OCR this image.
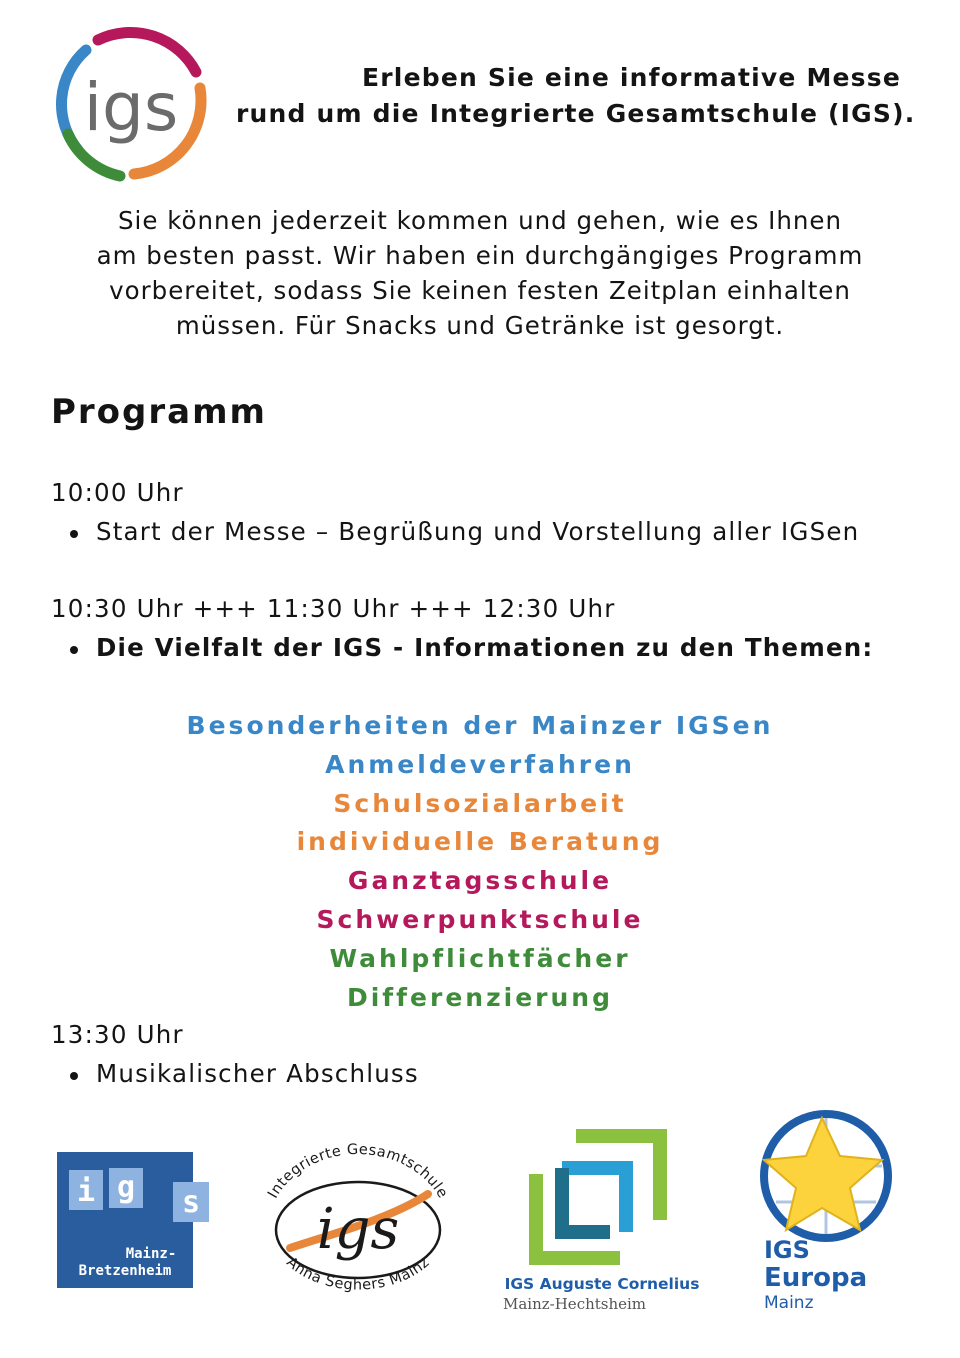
igs	Erleben Sie eine informative Messe
rund um die Integrierte Gesamtschule (IGS).
Sie können jederzeit kommen und gehen, wie es Ihnen
am besten passt. Wir haben ein durchgängiges Programm
vorbereitet, sodass Sie keinen festen Zeitplan einhalten
müssen. Für Snacks und Getränke ist gesorgt.
Programm
10:00 Uhr
Start der Messe – Begrüßung und Vorstellung aller IGSen
10:30 Uhr +++ 11:30 Uhr +++ 12:30 Uhr
Die Vielfalt der IGS - Informationen zu den Themen:
Besonderheiten der Mainzer IGSen
Anmeldeverfahren
Schulsozialarbeit
individuelle Beratung
Ganztagsschule
Schwerpunktschule
Wahlpflichtfächer
Differenzierung
13:30 Uhr
Musikalischer Abschluss
i g s
Mainz-
Bretzenheim
Integrierte Gesamtschule
igs
Anna Seghers Mainz
IGS Auguste Cornelius
Mainz-Hechtsheim
IGS
Europa
Mainz
